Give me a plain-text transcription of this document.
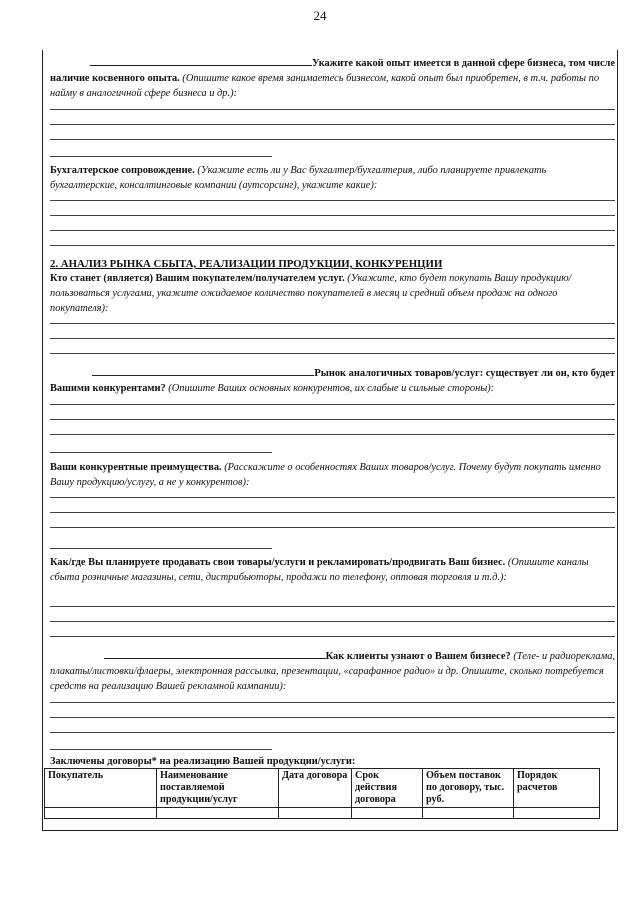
24
Укажите какой опыт имеется в данной сфере бизнеса, том числе
наличие косвенного опыта. (Опишите какое время занимаетесь бизнесом, какой опыт был приобретен, в т.ч. работы по найму в аналогичной сфере бизнеса и др.):
Бухгалтерское сопровождение. (Укажите есть ли у Вас бухгалтер/бухгалтерия, либо планируете привлекать бухгалтерские, консалтинговые компании (аутсорсинг), укажите какие):
2. АНАЛИЗ РЫНКА СБЫТА, РЕАЛИЗАЦИИ ПРОДУКЦИИ, КОНКУРЕНЦИИ
Кто станет (является) Вашим покупателем/получателем услуг. (Укажите, кто будет покупать Вашу продукцию/пользоваться услугами, укажите ожидаемое количество покупателей в месяц и средний объем продаж на одного покупателя):
Рынок аналогичных товаров/услуг: существует ли он, кто будет
Вашими конкурентами? (Опишите Ваших основных конкурентов, их слабые и сильные стороны):
Ваши конкурентные преимущества. (Расскажите о особенностях Ваших товаров/услуг. Почему будут покупать именно Вашу продукцию/услугу, а не у конкурентов):
Как/где Вы планируете продавать свои товары/услуги и рекламировать/продвигать Ваш бизнес. (Опишите каналы сбыта розничные магазины, сети, дистрибьюторы, продажи по телефону, оптовая торговля и т.д.):
Как клиенты узнают о Вашем бизнесе? (Теле- и радиореклама,
плакаты/листовки/флаеры, электронная рассылка, презентации, «сарафанное радио» и др. Опишите, сколько потребуется средств на реализацию Вашей рекламной кампании):
Заключены договоры* на реализацию Вашей продукции/услуги:
Покупатель	Наименование поставляемой продукции/услуг	Дата договора	Срок действия договора	Объем поставок по договору, тыс. руб.	Порядок расчетов
